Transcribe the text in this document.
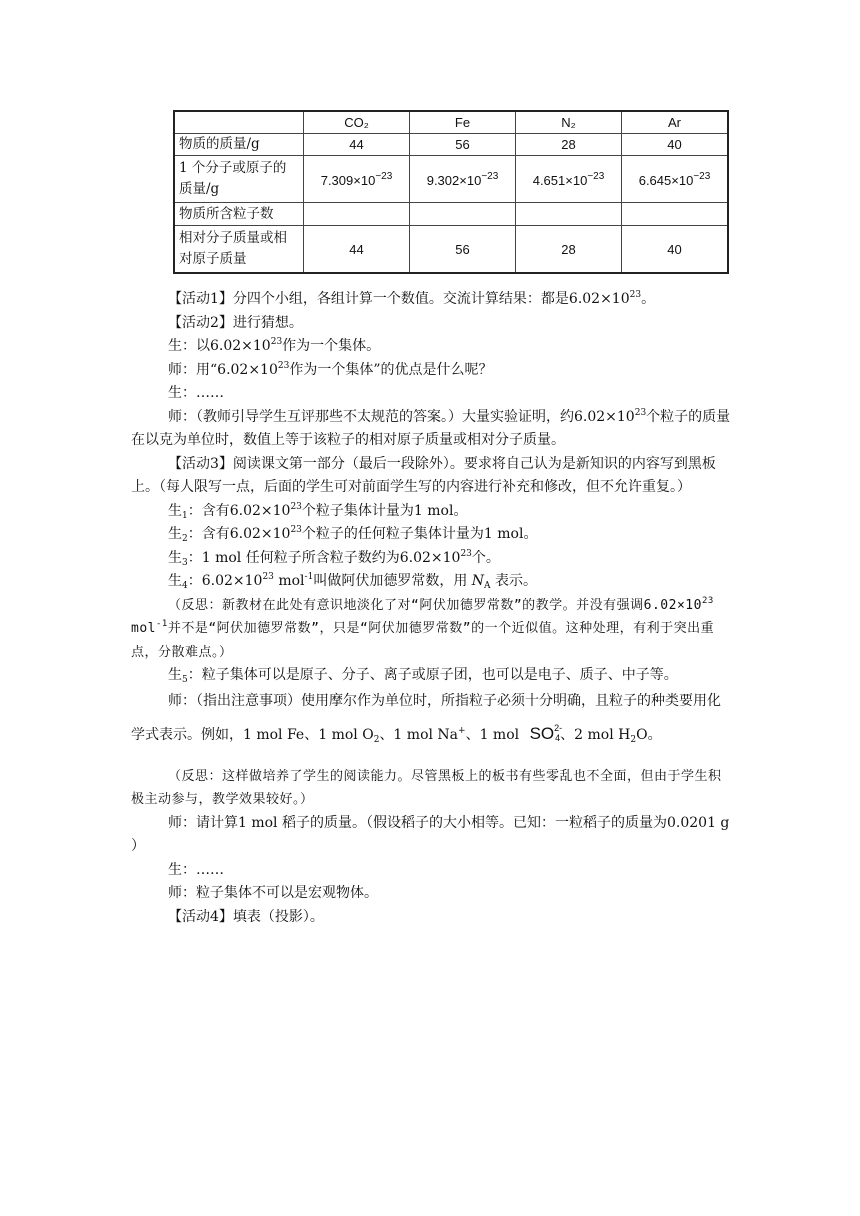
	CO₂	Fe	N₂	Ar
物质的质量/g	44	56	28	40
1 个分子或原子的质量/g	$7.309\times 10^{-23}$	$9.302\times 10^{-23}$	$4.651\times 10^{-23}$	$6.645\times 10^{-23}$
物质所含粒子数				
相对分子质量或相对原子质量	44	56	28	40

【活动1】分四个小组，各组计算一个数值。交流计算结果：都是$6.02\times 10^{23}$。

【活动2】进行猜想。

生：以$6.02\times 10^{23}$作为一个集体。

师：用“$6.02\times 10^{23}$作为一个集体”的优点是什么呢？

生：……

师：（教师引导学生互评那些不太规范的答案。）大量实验证明，约$6.02\times 10^{23}$个粒子的质量在以克为单位时，数值上等于该粒子的相对原子质量或相对分子质量。

【活动3】阅读课文第一部分（最后一段除外）。要求将自己认为是新知识的内容写到黑板上。（每人限写一点，后面的学生可对前面学生写的内容进行补充和修改，但不允许重复。）

生$_1$：含有$6.02\times 10^{23}$个粒子集体计量为1 mol。

生$_2$：含有$6.02\times 10^{23}$个粒子的任何粒子集体计量为1 mol。

生$_3$：1 mol 任何粒子所含粒子数约为$6.02\times 10^{23}$个。

生$_4$：$6.02\times 10^{23}$ mol$^{-1}$叫做阿伏加德罗常数，用 $N_A$ 表示。

（反思：新教材在此处有意识地淡化了对“阿伏加德罗常数”的教学。并没有强调$6.02\times 10^{23}$ mol$^{-1}$并不是“阿伏加德罗常数”，只是“阿伏加德罗常数”的一个近似值。这种处理，有利于突出重点，分散难点。）

生$_5$：粒子集体可以是原子、分子、离子或原子团，也可以是电子、质子、中子等。

师：（指出注意事项）使用摩尔作为单位时，所指粒子必须十分明确，且粒子的种类要用化学式表示。例如，1 mol Fe、1 mol $O_2$、1 mol Na+、1 mol $SO^{2-}_4$、2 mol $H_2O$。

（反思：这样做培养了学生的阅读能力。尽管黑板上的板书有些零乱也不全面，但由于学生积极主动参与，教学效果较好。）

师：请计算1 mol 稻子的质量。（假设稻子的大小相等。已知：一粒稻子的质量为0.0201 g ）

生：……

师：粒子集体不可以是宏观物体。

【活动4】填表（投影）。
